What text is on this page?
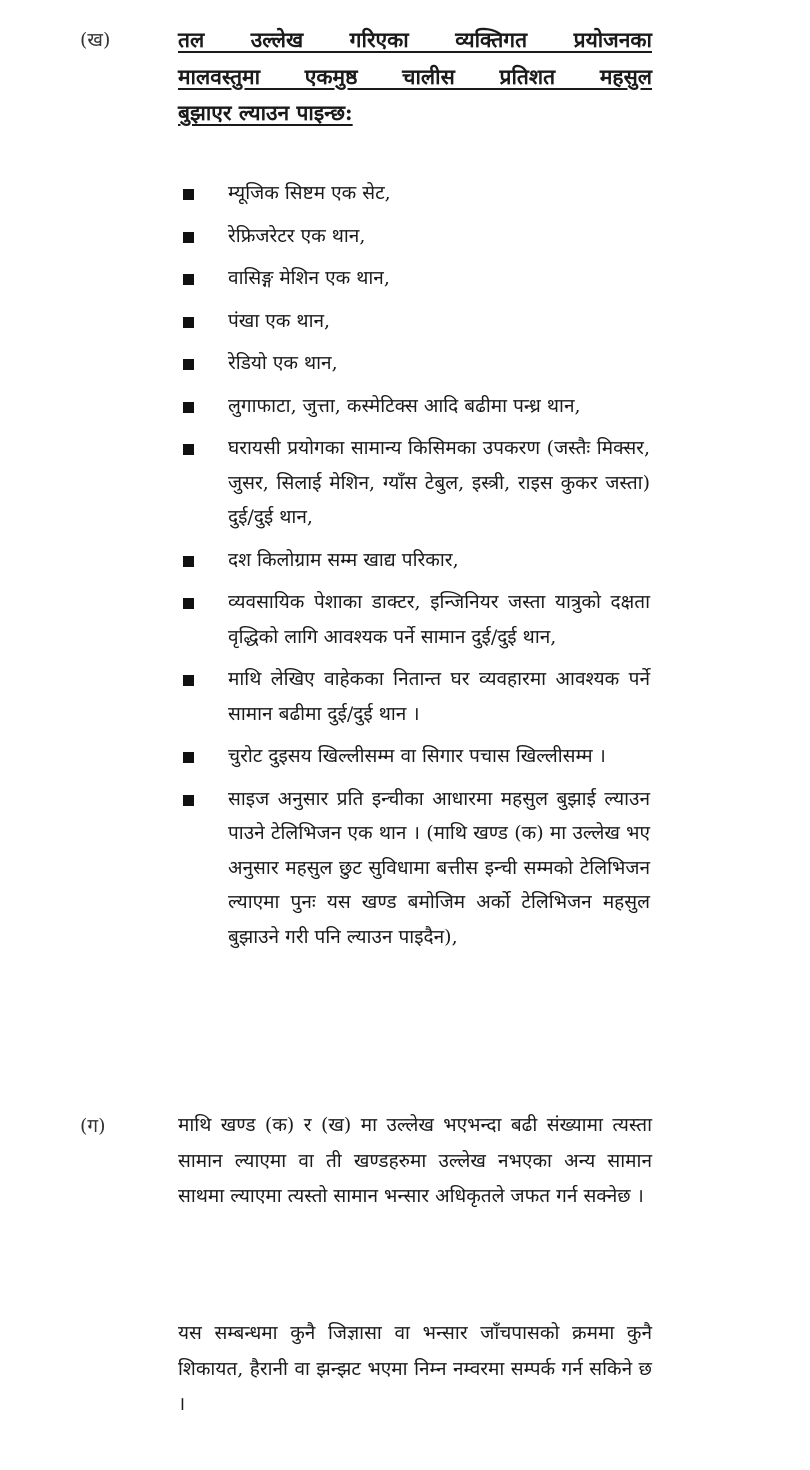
(ख)	तल उल्लेख गरिएका व्यक्तिगत प्रयोजनका
मालवस्तुमा एकमुष्ठ चालीस प्रतिशत महसुल
बुझाएर ल्याउन पाइन्छ:
म्यूजिक सिष्टम एक सेट,
रेफ्रिजरेटर एक थान,
वासिङ्ग मेशिन एक थान,
पंखा एक थान,
रेडियो एक थान,
लुगाफाटा, जुत्ता, कस्मेटिक्स आदि बढीमा पन्ध्र थान,
घरायसी प्रयोगका सामान्य किसिमका उपकरण (जस्तैः मिक्सर, जुसर, सिलाई मेशिन, ग्याँस टेबुल, इस्त्री, राइस कुकर जस्ता) दुई/दुई थान,
दश किलोग्राम सम्म खाद्य परिकार,
व्यवसायिक पेशाका डाक्टर, इन्जिनियर जस्ता यात्रुको दक्षता वृद्धिको लागि आवश्यक पर्ने सामान दुई/दुई थान,
माथि लेखिए वाहेकका नितान्त घर व्यवहारमा आवश्यक पर्ने सामान बढीमा दुई/दुई थान ।
चुरोट दुइसय खिल्लीसम्म वा सिगार पचास खिल्लीसम्म ।
साइज अनुसार प्रति इन्चीका आधारमा महसुल बुझाई ल्याउन पाउने टेलिभिजन एक थान । (माथि खण्ड (क) मा उल्लेख भए अनुसार महसुल छुट सुविधामा बत्तीस इन्ची सम्मको टेलिभिजन ल्याएमा पुनः यस खण्ड बमोजिम अर्को टेलिभिजन महसुल बुझाउने गरी पनि ल्याउन पाइदैन),
(ग)	माथि खण्ड (क) र (ख) मा उल्लेख भएभन्दा बढी संख्यामा त्यस्ता सामान ल्याएमा वा ती खण्डहरुमा उल्लेख नभएका अन्य सामान साथमा ल्याएमा त्यस्तो सामान भन्सार अधिकृतले जफत गर्न सक्नेछ ।

यस सम्बन्धमा कुनै जिज्ञासा वा भन्सार जाँचपासको क्रममा कुनै शिकायत, हैरानी वा झन्झट भएमा निम्न नम्वरमा सम्पर्क गर्न सकिने छ ।
